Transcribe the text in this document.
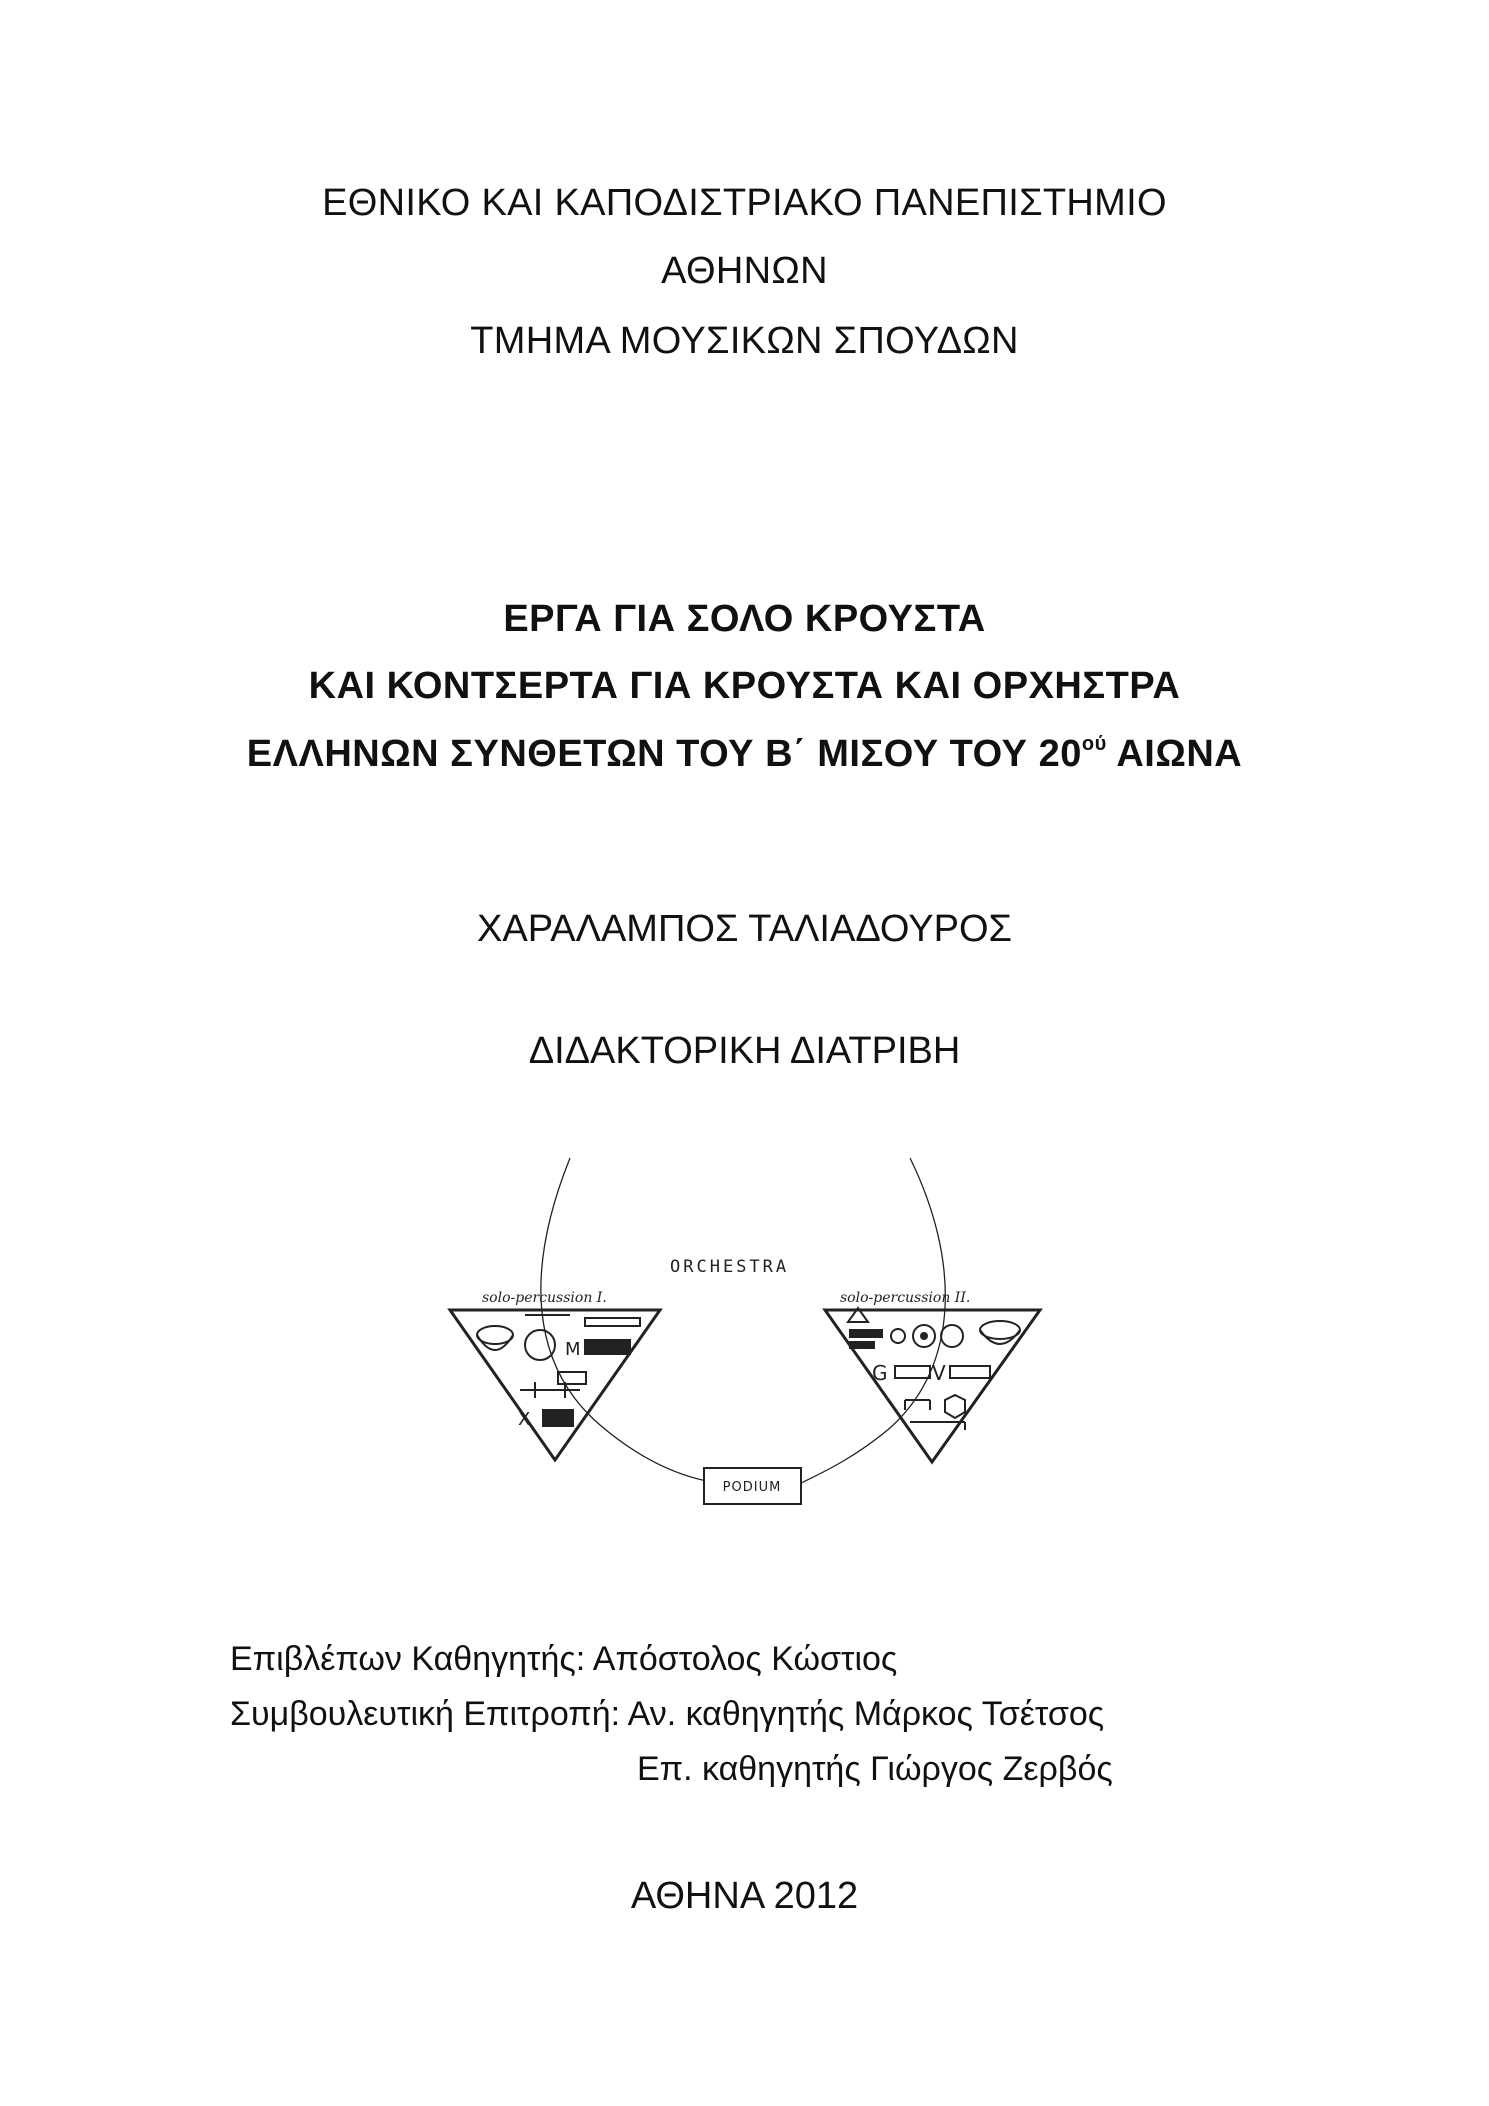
ΕΘΝΙΚΟ ΚΑΙ ΚΑΠΟΔΙΣΤΡΙΑΚΟ ΠΑΝΕΠΙΣΤΗΜΙΟ
ΑΘΗΝΩΝ
ΤΜΗΜΑ ΜΟΥΣΙΚΩΝ ΣΠΟΥΔΩΝ
ΕΡΓΑ ΓΙΑ ΣΟΛΟ ΚΡΟΥΣΤΑ
ΚΑΙ ΚΟΝΤΣΕΡΤΑ ΓΙΑ ΚΡΟΥΣΤΑ ΚΑΙ ΟΡΧΗΣΤΡΑ
ΕΛΛΗΝΩΝ ΣΥΝΘΕΤΩΝ ΤΟΥ Β΄ ΜΙΣΟΥ ΤΟΥ $20^{oύ}$ ΑΙΩΝΑ
ΧΑΡΑΛΑΜΠΟΣ ΤΑΛΙΑΔΟΥΡΟΣ
ΔΙΔΑΚΤΟΡΙΚΗ ΔΙΑΤΡΙΒΗ
ORCHESTRA
solo-percussion I.
M
X
solo-percussion II.
G V
PODIUM
Επιβλέπων Καθηγητής: Απόστολος Κώστιος
Συμβουλευτική Επιτροπή: Αν. καθηγητής Μάρκος Τσέτσος
Επ. καθηγητής Γιώργος Ζερβός
ΑΘΗΝΑ 2012
